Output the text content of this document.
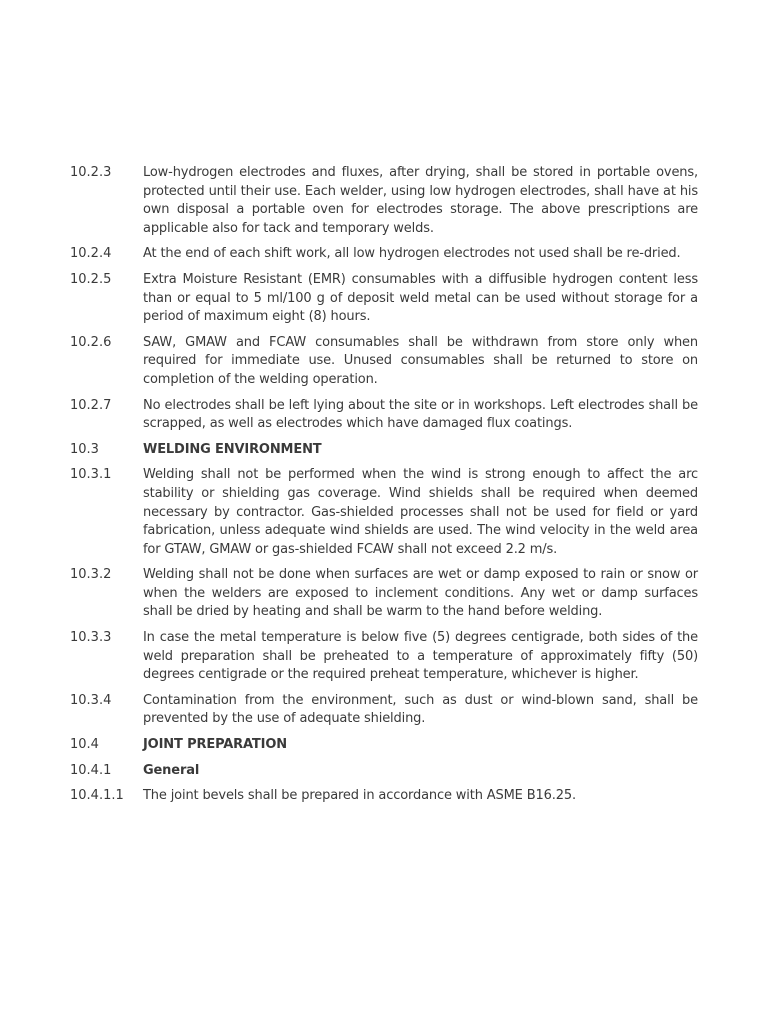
10.2.3	Low-hydrogen electrodes and fluxes, after drying, shall be stored in portable ovens, protected until their use. Each welder, using low hydrogen electrodes, shall have at his own disposal a portable oven for electrodes storage. The above prescriptions are applicable also for tack and temporary welds.
10.2.4	At the end of each shift work, all low hydrogen electrodes not used shall be re-dried.
10.2.5	Extra Moisture Resistant (EMR) consumables with a diffusible hydrogen content less than or equal to 5 ml/100 g of deposit weld metal can be used without storage for a period of maximum eight (8) hours.
10.2.6	SAW, GMAW and FCAW consumables shall be withdrawn from store only when required for immediate use. Unused consumables shall be returned to store on completion of the welding operation.
10.2.7	No electrodes shall be left lying about the site or in workshops. Left electrodes shall be scrapped, as well as electrodes which have damaged flux coatings.
10.3	WELDING ENVIRONMENT
10.3.1	Welding shall not be performed when the wind is strong enough to affect the arc stability or shielding gas coverage. Wind shields shall be required when deemed necessary by contractor. Gas-shielded processes shall not be used for field or yard fabrication, unless adequate wind shields are used. The wind velocity in the weld area for GTAW, GMAW or gas-shielded FCAW shall not exceed 2.2 m/s.
10.3.2	Welding shall not be done when surfaces are wet or damp exposed to rain or snow or when the welders are exposed to inclement conditions. Any wet or damp surfaces shall be dried by heating and shall be warm to the hand before welding.
10.3.3	In case the metal temperature is below five (5) degrees centigrade, both sides of the weld preparation shall be preheated to a temperature of approximately fifty (50) degrees centigrade or the required preheat temperature, whichever is higher.
10.3.4	Contamination from the environment, such as dust or wind-blown sand, shall be prevented by the use of adequate shielding.
10.4	JOINT PREPARATION
10.4.1	General
10.4.1.1	The joint bevels shall be prepared in accordance with ASME B16.25.
